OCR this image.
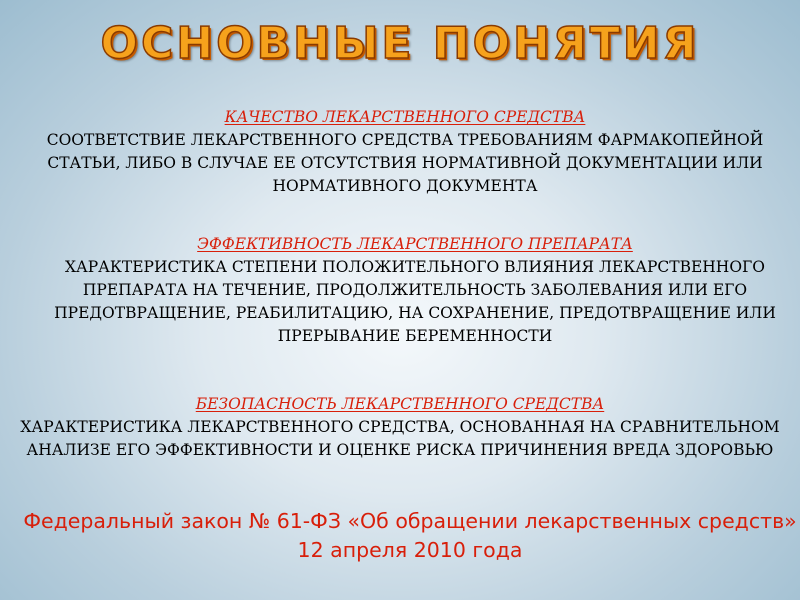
ОСНОВНЫЕ ПОНЯТИЯ
КАЧЕСТВО ЛЕКАРСТВЕННОГО СРЕДСТВА
СООТВЕТСТВИЕ ЛЕКАРСТВЕННОГО СРЕДСТВА ТРЕБОВАНИЯМ ФАРМАКОПЕЙНОЙ СТАТЬИ, ЛИБО В СЛУЧАЕ ЕЕ ОТСУТСТВИЯ НОРМАТИВНОЙ ДОКУМЕНТАЦИИ ИЛИ НОРМАТИВНОГО ДОКУМЕНТА
ЭФФЕКТИВНОСТЬ ЛЕКАРСТВЕННОГО ПРЕПАРАТА
ХАРАКТЕРИСТИКА СТЕПЕНИ ПОЛОЖИТЕЛЬНОГО ВЛИЯНИЯ ЛЕКАРСТВЕННОГО ПРЕПАРАТА НА ТЕЧЕНИЕ, ПРОДОЛЖИТЕЛЬНОСТЬ ЗАБОЛЕВАНИЯ ИЛИ ЕГО ПРЕДОТВРАЩЕНИЕ, РЕАБИЛИТАЦИЮ, НА СОХРАНЕНИЕ, ПРЕДОТВРАЩЕНИЕ ИЛИ ПРЕРЫВАНИЕ БЕРЕМЕННОСТИ
БЕЗОПАСНОСТЬ ЛЕКАРСТВЕННОГО СРЕДСТВА
ХАРАКТЕРИСТИКА ЛЕКАРСТВЕННОГО СРЕДСТВА, ОСНОВАННАЯ НА СРАВНИТЕЛЬНОМ АНАЛИЗЕ ЕГО ЭФФЕКТИВНОСТИ И ОЦЕНКЕ РИСКА ПРИЧИНЕНИЯ ВРЕДА ЗДОРОВЬЮ
Федеральный закон № 61-ФЗ «Об обращении лекарственных средств» 12 апреля 2010 года
